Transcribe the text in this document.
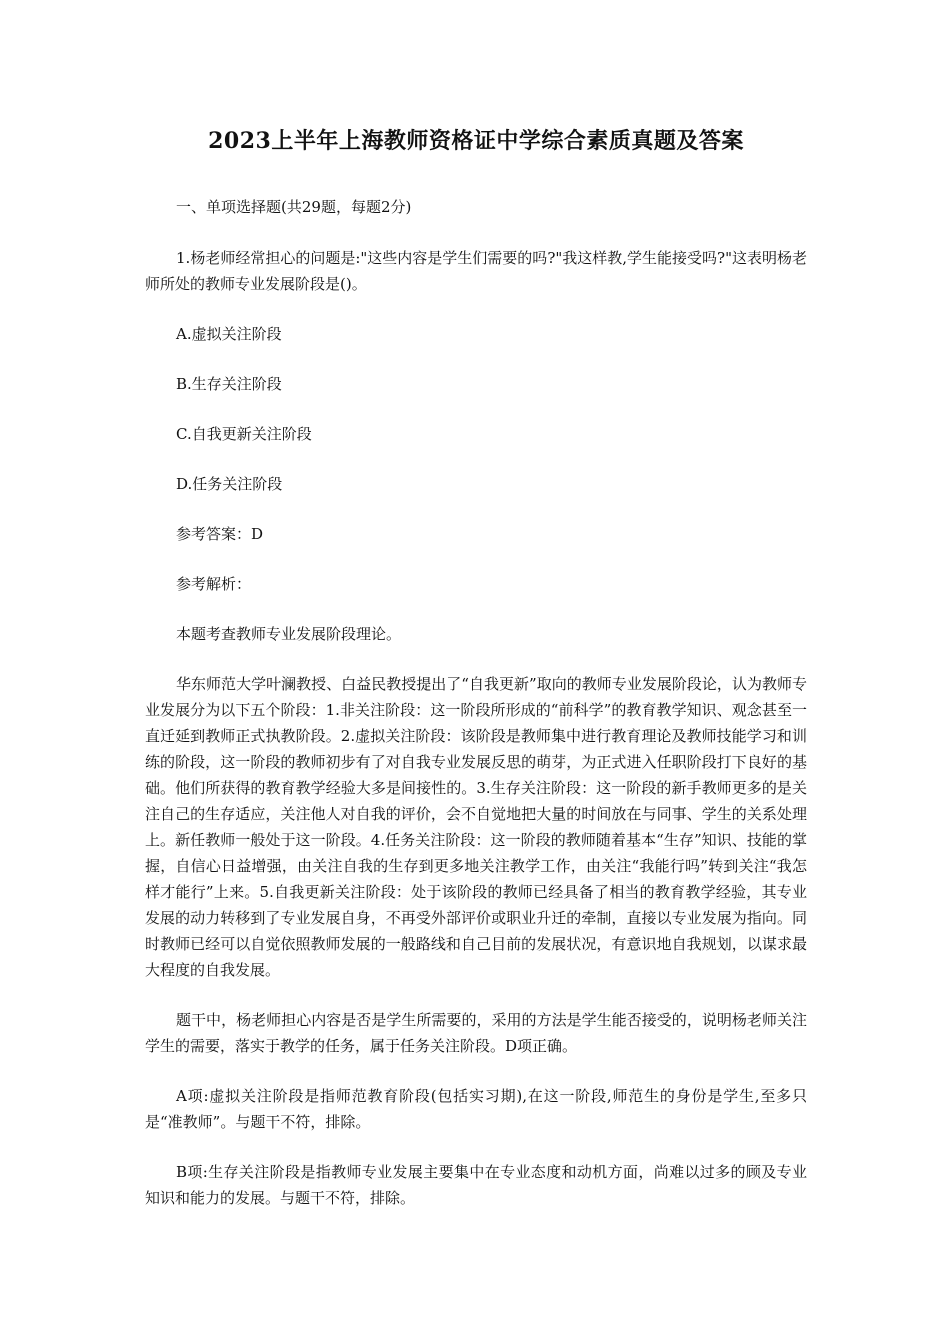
2023上半年上海教师资格证中学综合素质真题及答案

一、单项选择题(共29题，每题2分)

1.杨老师经常担心的问题是:"这些内容是学生们需要的吗?"我这样教,学生能接受吗?"这表明杨老师所处的教师专业发展阶段是()。

A.虚拟关注阶段

B.生存关注阶段

C.自我更新关注阶段

D.任务关注阶段

参考答案：D

参考解析：

本题考查教师专业发展阶段理论。

华东师范大学叶澜教授、白益民教授提出了“自我更新”取向的教师专业发展阶段论，认为教师专业发展分为以下五个阶段：1.非关注阶段：这一阶段所形成的“前科学”的教育教学知识、观念甚至一直迁延到教师正式执教阶段。2.虚拟关注阶段：该阶段是教师集中进行教育理论及教师技能学习和训练的阶段，这一阶段的教师初步有了对自我专业发展反思的萌芽，为正式进入任职阶段打下良好的基础。他们所获得的教育教学经验大多是间接性的。3.生存关注阶段：这一阶段的新手教师更多的是关注自己的生存适应，关注他人对自我的评价，会不自觉地把大量的时间放在与同事、学生的关系处理上。新任教师一般处于这一阶段。4.任务关注阶段：这一阶段的教师随着基本“生存”知识、技能的掌握，自信心日益增强，由关注自我的生存到更多地关注教学工作，由关注“我能行吗”转到关注“我怎样才能行”上来。5.自我更新关注阶段：处于该阶段的教师已经具备了相当的教育教学经验，其专业发展的动力转移到了专业发展自身，不再受外部评价或职业升迁的牵制，直接以专业发展为指向。同时教师已经可以自觉依照教师发展的一般路线和自己目前的发展状况，有意识地自我规划，以谋求最大程度的自我发展。

题干中，杨老师担心内容是否是学生所需要的，采用的方法是学生能否接受的，说明杨老师关注学生的需要，落实于教学的任务，属于任务关注阶段。D项正确。

A项:虚拟关注阶段是指师范教育阶段(包括实习期),在这一阶段,师范生的身份是学生,至多只是“准教师”。与题干不符，排除。

B项:生存关注阶段是指教师专业发展主要集中在专业态度和动机方面，尚难以过多的顾及专业知识和能力的发展。与题干不符，排除。
